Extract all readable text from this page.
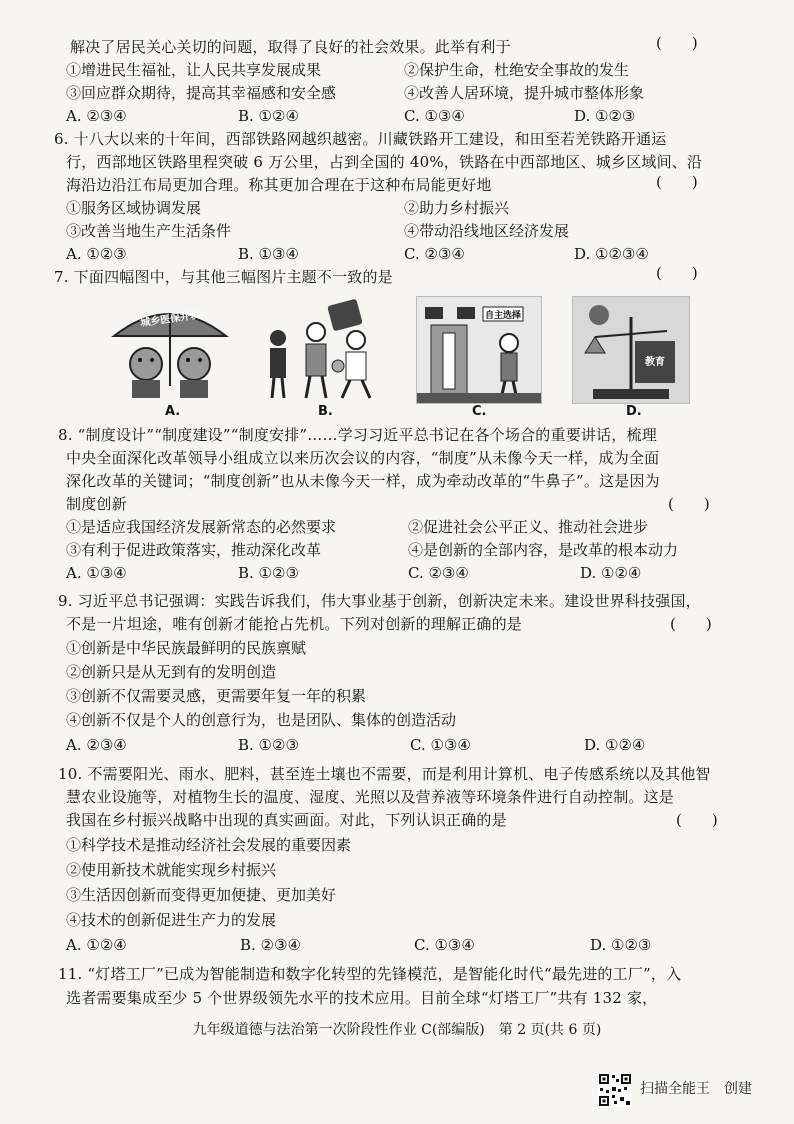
解决了居民关心关切的问题，取得了良好的社会效果。此举有利于	(　　)
①增进民生福祉，让人民共享发展成果	②保护生命，杜绝安全事故的发生
③回应群众期待，提高其幸福感和安全感	④改善人居环境，提升城市整体形象
A. ②③④	B. ①②④	C. ①③④	D. ①②③
6. 十八大以来的十年间，西部铁路网越织越密。川藏铁路开工建设，和田至若羌铁路开通运
行，西部地区铁路里程突破 6 万公里，占到全国的 40%，铁路在中西部地区、城乡区域间、沿
海沿边沿江布局更加合理。称其更加合理在于这种布局能更好地	(　　)
①服务区域协调发展	②助力乡村振兴
③改善当地生产生活条件	④带动沿线地区经济发展
A. ①②③	B. ①③④	C. ②③④	D. ①②③④
7. 下面四幅图中，与其他三幅图片主题不一致的是	(　　)
城乡医保并轨	自主选择
教育
A.	B.	C.	D.
8. “制度设计”“制度建设”“制度安排”……学习习近平总书记在各个场合的重要讲话，梳理
中央全面深化改革领导小组成立以来历次会议的内容，“制度”从未像今天一样，成为全面
深化改革的关键词；“制度创新”也从未像今天一样，成为牵动改革的“牛鼻子”。这是因为
制度创新	(　　)
①是适应我国经济发展新常态的必然要求	②促进社会公平正义、推动社会进步
③有利于促进政策落实，推动深化改革	④是创新的全部内容，是改革的根本动力
A. ①③④	B. ①②③	C. ②③④	D. ①②④
9. 习近平总书记强调：实践告诉我们，伟大事业基于创新，创新决定未来。建设世界科技强国，
不是一片坦途，唯有创新才能抢占先机。下列对创新的理解正确的是	(　　)
①创新是中华民族最鲜明的民族禀赋
②创新只是从无到有的发明创造
③创新不仅需要灵感，更需要年复一年的积累
④创新不仅是个人的创意行为，也是团队、集体的创造活动
A. ②③④	B. ①②③	C. ①③④	D. ①②④
10. 不需要阳光、雨水、肥料，甚至连土壤也不需要，而是利用计算机、电子传感系统以及其他智
慧农业设施等，对植物生长的温度、湿度、光照以及营养液等环境条件进行自动控制。这是
我国在乡村振兴战略中出现的真实画面。对此，下列认识正确的是	(　　)
①科学技术是推动经济社会发展的重要因素
②使用新技术就能实现乡村振兴
③生活因创新而变得更加便捷、更加美好
④技术的创新促进生产力的发展
A. ①②④	B. ②③④	C. ①③④	D. ①②③
11. “灯塔工厂”已成为智能制造和数字化转型的先锋模范，是智能化时代“最先进的工厂”，入
选者需要集成至少 5 个世界级领先水平的技术应用。目前全球“灯塔工厂”共有 132 家，
九年级道德与法治第一次阶段性作业 C(部编版)　第 2 页(共 6 页)
扫描全能王　创建
